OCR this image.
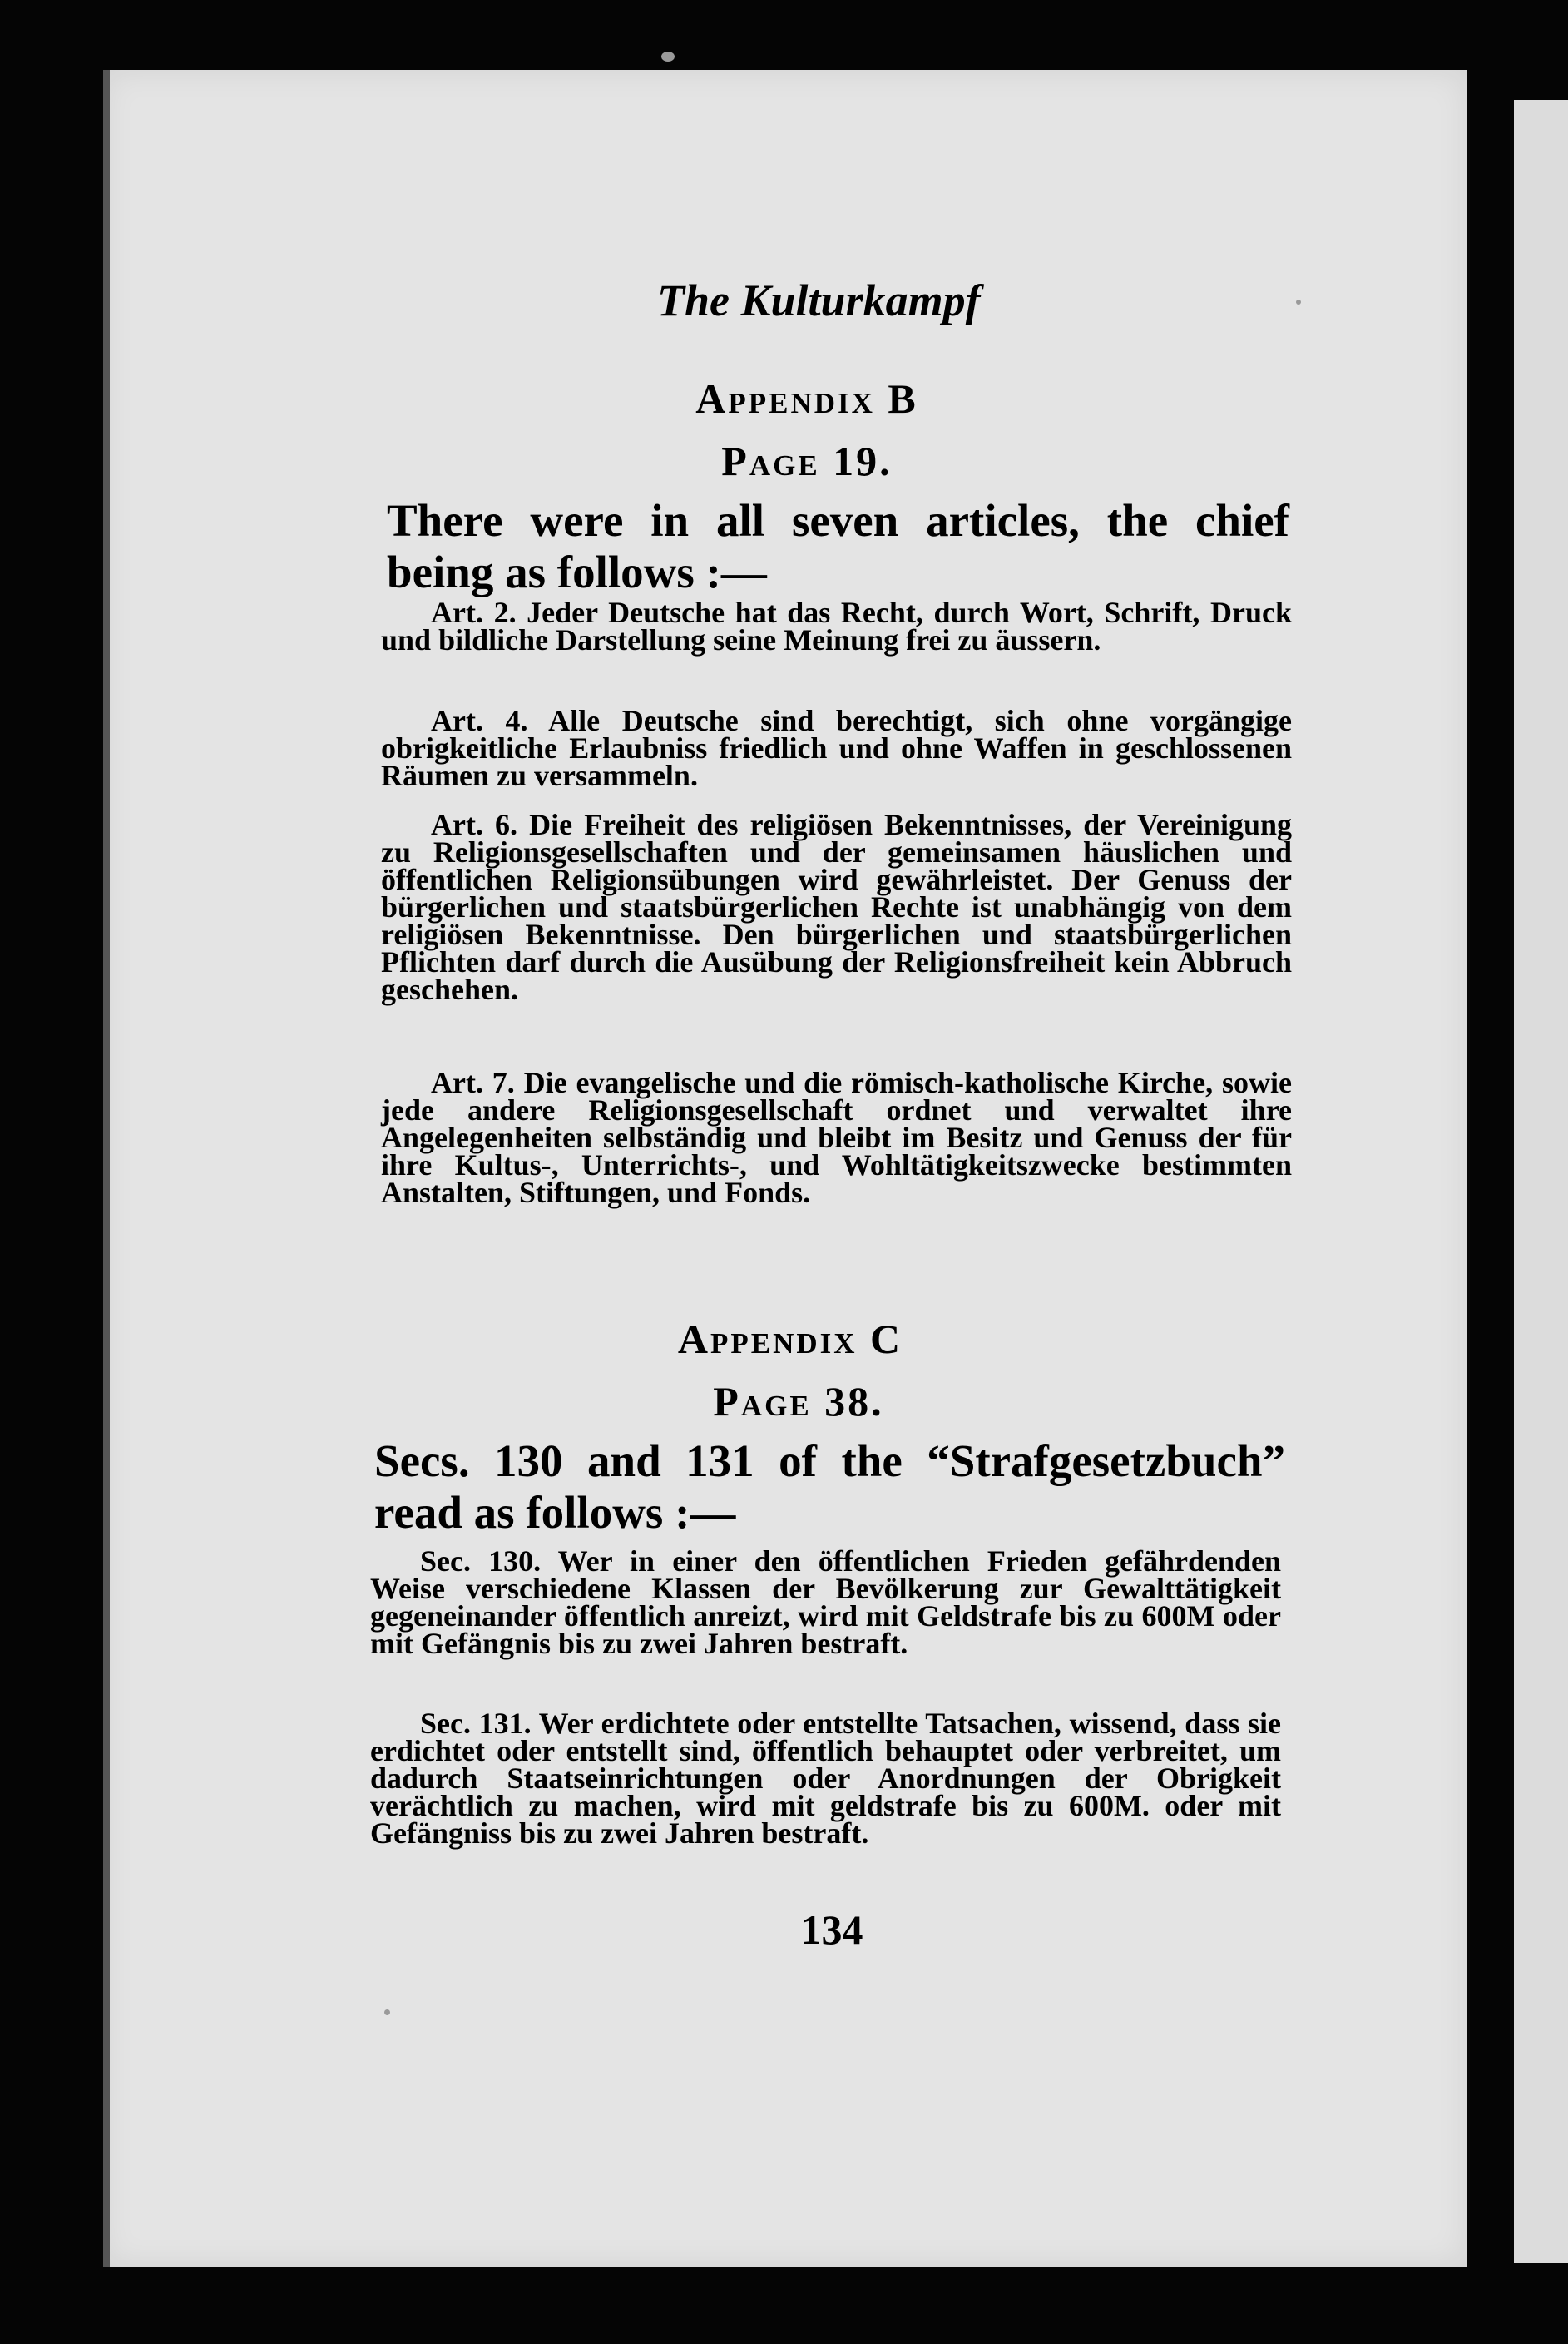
The Kulturkampf
Appendix B
Page 19.
There were in all seven articles, the chief being as follows :—
Art. 2. Jeder Deutsche hat das Recht, durch Wort, Schrift, Druck und bildliche Darstellung seine Meinung frei zu äussern.
Art. 4. Alle Deutsche sind berechtigt, sich ohne vorgängige obrigkeitliche Erlaubniss friedlich und ohne Waffen in geschlossenen Räumen zu versammeln.
Art. 6. Die Freiheit des religiösen Bekenntnisses, der Vereinigung zu Religionsgesellschaften und der gemeinsamen häuslichen und öffentlichen Religionsübungen wird gewährleistet. Der Genuss der bürgerlichen und staatsbürgerlichen Rechte ist unabhängig von dem religiösen Bekenntnisse. Den bürgerlichen und staatsbürgerlichen Pflichten darf durch die Ausübung der Religionsfreiheit kein Abbruch geschehen.
Art. 7. Die evangelische und die römisch-katholische Kirche, sowie jede andere Religionsgesellschaft ordnet und verwaltet ihre Angelegenheiten selbständig und bleibt im Besitz und Genuss der für ihre Kultus-, Unterrichts-, und Wohltätigkeitszwecke bestimmten Anstalten, Stiftungen, und Fonds.
Appendix C
Page 38.
Secs. 130 and 131 of the “Strafgesetzbuch” read as follows :—
Sec. 130. Wer in einer den öffentlichen Frieden gefährdenden Weise verschiedene Klassen der Bevölkerung zur Gewalttätigkeit gegeneinander öffentlich anreizt, wird mit Geldstrafe bis zu 600M oder mit Gefängnis bis zu zwei Jahren bestraft.
Sec. 131. Wer erdichtete oder entstellte Tatsachen, wissend, dass sie erdichtet oder entstellt sind, öffentlich behauptet oder verbreitet, um dadurch Staatseinrichtungen oder Anordnungen der Obrigkeit verächtlich zu machen, wird mit geldstrafe bis zu 600M. oder mit Gefängniss bis zu zwei Jahren bestraft.
134
